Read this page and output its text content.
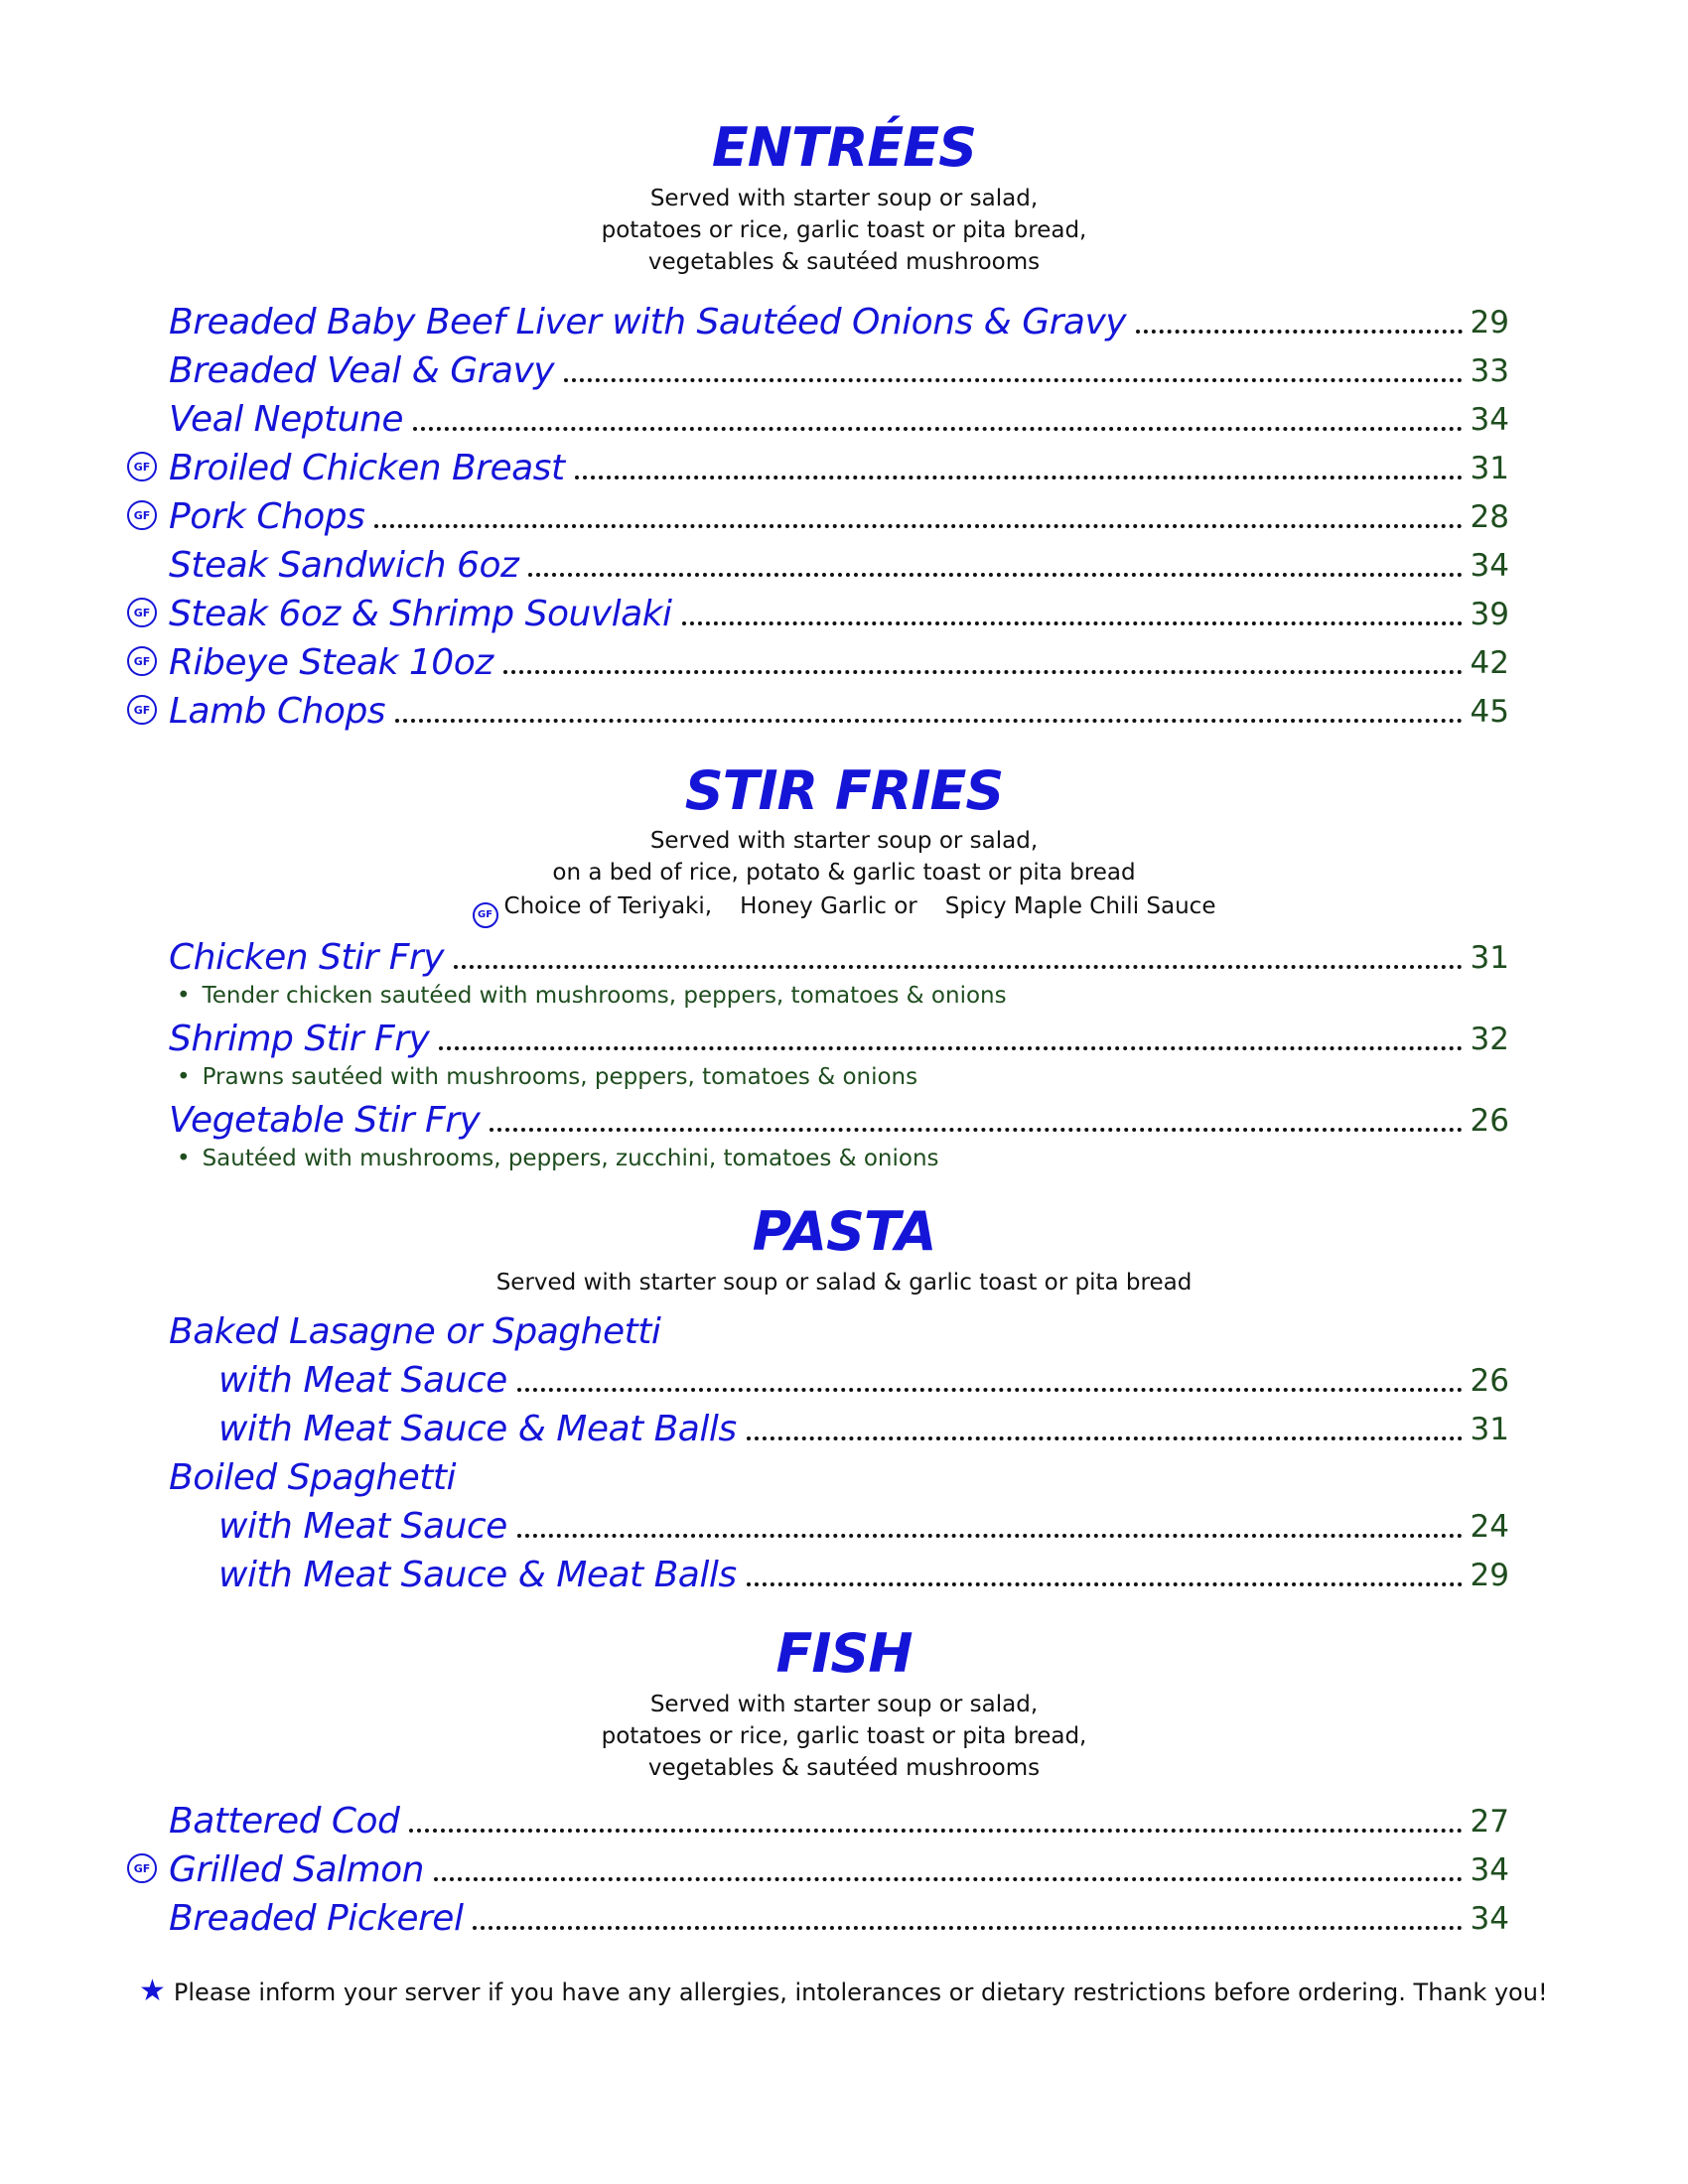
ENTRÉES
Served with starter soup or salad,
potatoes or rice, garlic toast or pita bread,
vegetables & sautéed mushrooms
Breaded Baby Beef Liver with Sautéed Onions & Gravy	29
Breaded Veal & Gravy	33
Veal Neptune	34
GF Broiled Chicken Breast	31
GF Pork Chops	28
Steak Sandwich 6oz	34
GF Steak 6oz & Shrimp Souvlaki	39
GF Ribeye Steak 10oz	42
GF Lamb Chops	45
STIR FRIES
Served with starter soup or salad,
on a bed of rice, potato & garlic toast or pita bread
GF Choice of Teriyaki, Honey Garlic or Spicy Maple Chili Sauce
Chicken Stir Fry	31
• Tender chicken sautéed with mushrooms, peppers, tomatoes & onions
Shrimp Stir Fry	32
• Prawns sautéed with mushrooms, peppers, tomatoes & onions
Vegetable Stir Fry	26
• Sautéed with mushrooms, peppers, zucchini, tomatoes & onions
PASTA
Served with starter soup or salad & garlic toast or pita bread
Baked Lasagne or Spaghetti
with Meat Sauce	26
with Meat Sauce & Meat Balls	31
Boiled Spaghetti
with Meat Sauce	24
with Meat Sauce & Meat Balls	29
FISH
Served with starter soup or salad,
potatoes or rice, garlic toast or pita bread,
vegetables & sautéed mushrooms
Battered Cod	27
GF Grilled Salmon	34
Breaded Pickerel	34
★ Please inform your server if you have any allergies, intolerances or dietary restrictions before ordering. Thank you!
